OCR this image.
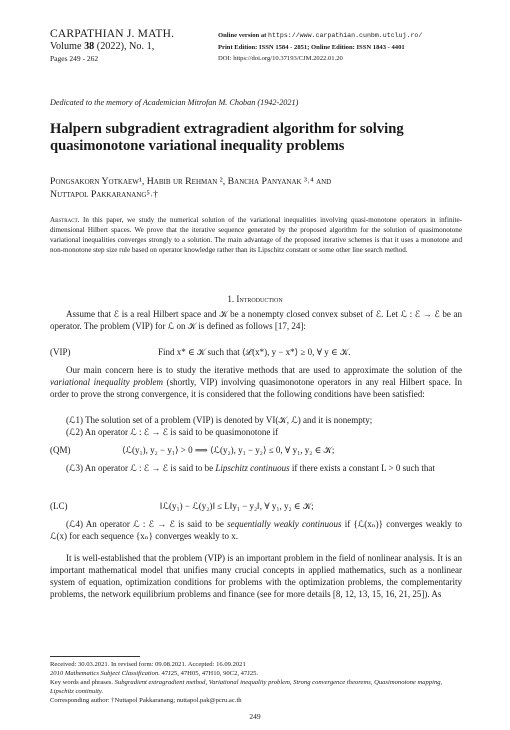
CARPATHIAN J. MATH.
Volume 38 (2022), No. 1,
Pages 249 - 262
Online version at https://www.carpathian.cunbm.utcluj.ro/
Print Edition: ISSN 1584 - 2851; Online Edition: ISSN 1843 - 4401
DOI: https://doi.org/10.37193/CJM.2022.01.20
Dedicated to the memory of Academician Mitrofan M. Choban (1942-2021)
Halpern subgradient extragradient algorithm for solving quasimonotone variational inequality problems
Pongsakorn Yotkaew¹, Habib ur Rehman ², Bancha Panyanak ³˒⁴ and
Nuttapol Pakkaranang⁵˒†
Abstract. In this paper, we study the numerical solution of the variational inequalities involving quasi-monotone operators in infinite-dimensional Hilbert spaces. We prove that the iterative sequence generated by the proposed algorithm for the solution of quasimonotone variational inequalities converges strongly to a solution. The main advantage of the proposed iterative schemes is that it uses a monotone and non-monotone step size rule based on operator knowledge rather than its Lipschitz constant or some other line search method.
1. Introduction
Assume that ℰ is a real Hilbert space and 𝒦 be a nonempty closed convex subset of ℰ. Let ℒ : ℰ → ℰ be an operator. The problem (VIP) for ℒ on 𝒦 is defined as follows [17, 24]:
(VIP)	Find x* ∈ 𝒦 such that ⟨ℒ(x*), y − x*⟩ ≥ 0, ∀ y ∈ 𝒦.
Our main concern here is to study the iterative methods that are used to approximate the solution of the variational inequality problem (shortly, VIP) involving quasimonotone operators in any real Hilbert space. In order to prove the strong convergence, it is considered that the following conditions have been satisfied:
(ℒ1) The solution set of a problem (VIP) is denoted by VI(𝒦, ℒ) and it is nonempty;
(ℒ2) An operator ℒ : ℰ → ℰ is said to be quasimonotone if
(QM)	⟨ℒ(y₁), y₂ − y₁⟩ > 0 ⟹ ⟨ℒ(y₂), y₁ − y₂⟩ ≤ 0, ∀ y₁, y₂ ∈ 𝒦;
(ℒ3) An operator ℒ : ℰ → ℰ is said to be Lipschitz continuous if there exists a constant L > 0 such that
(LC)	‖ℒ(y₁) − ℒ(y₂)‖ ≤ L‖y₁ − y₂‖, ∀ y₁, y₂ ∈ 𝒦;
(ℒ4) An operator ℒ : ℰ → ℰ is said to be sequentially weakly continuous if {ℒ(xₙ)} converges weakly to ℒ(x) for each sequence {xₙ} converges weakly to x.
It is well-established that the problem (VIP) is an important problem in the field of nonlinear analysis. It is an important mathematical model that unifies many crucial concepts in applied mathematics, such as a nonlinear system of equation, optimization conditions for problems with the optimization problems, the complementarity problems, the network equilibrium problems and finance (see for more details [8, 12, 13, 15, 16, 21, 25]). As
Received: 30.03.2021. In revised form: 09.08.2021. Accepted: 16.09.2021
2010 Mathematics Subject Classification. 47J25, 47H05, 47H10, 90C2, 47J25.
Key words and phrases. Subgradient extragradient method, Variational inequality problem, Strong convergence theorems, Quasimonotone mapping, Lipschitz continuity.
Corresponding author: †Nuttapol Pakkaranang; nuttapol.pak@pcru.ac.th
249
